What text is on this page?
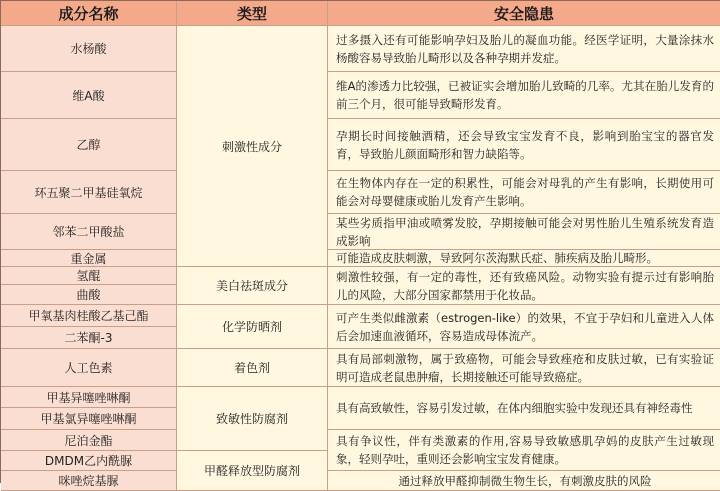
成分名称	类型	安全隐患
水杨酸
维A酸
乙醇
环五聚二甲基硅氧烷
邻苯二甲酸盐
重金属
氢醌
曲酸
甲氧基肉桂酸乙基己酯
二苯酮-3
人工色素
甲基异噻唑啉酮
甲基氯异噻唑啉酮
尼泊金酯
DMDM乙内酰脲
咪唑烷基脲
刺激性成分
美白祛斑成分
化学防晒剂
着色剂
致敏性防腐剂
甲醛释放型防腐剂
过多摄入还有可能影响孕妇及胎儿的凝血功能。经医学证明，大量涂抹水杨酸容易导致胎儿畸形以及各种孕期并发症。
维A的渗透力比较强，已被证实会增加胎儿致畸的几率。尤其在胎儿发育的前三个月，很可能导致畸形发育。
孕期长时间接触酒精，还会导致宝宝发育不良，影响到胎宝宝的器官发育，导致胎儿颜面畸形和智力缺陷等。
在生物体内存在一定的积累性，可能会对母乳的产生有影响，长期使用可能会对母婴健康或胎儿发育产生影响。
某些劣质指甲油或喷雾发胶，孕期接触可能会对男性胎儿生殖系统发育造成影响
可能造成皮肤刺激，导致阿尔茨海默氏症、肺疾病及胎儿畸形。
刺激性较强，有一定的毒性，还有致癌风险。动物实验有提示过有影响胎儿的风险，大部分国家都禁用于化妆品。
可产生类似雌激素（estrogen-like）的效果，不宜于孕妇和儿童进入人体后会加速血液循环，容易造成母体流产。
具有局部刺激物，属于致癌物，可能会导致痤疮和皮肤过敏，已有实验证明可造成老鼠患肿瘤，长期接触还可能导致癌症。
具有高致敏性，容易引发过敏，在体内细胞实验中发现还具有神经毒性
具有争议性，伴有类激素的作用,容易导致敏感肌孕妈的皮肤产生过敏现象，轻则孕吐，重则还会影响宝宝发育健康。
通过释放甲醛抑制微生物生长，有刺激皮肤的风险
